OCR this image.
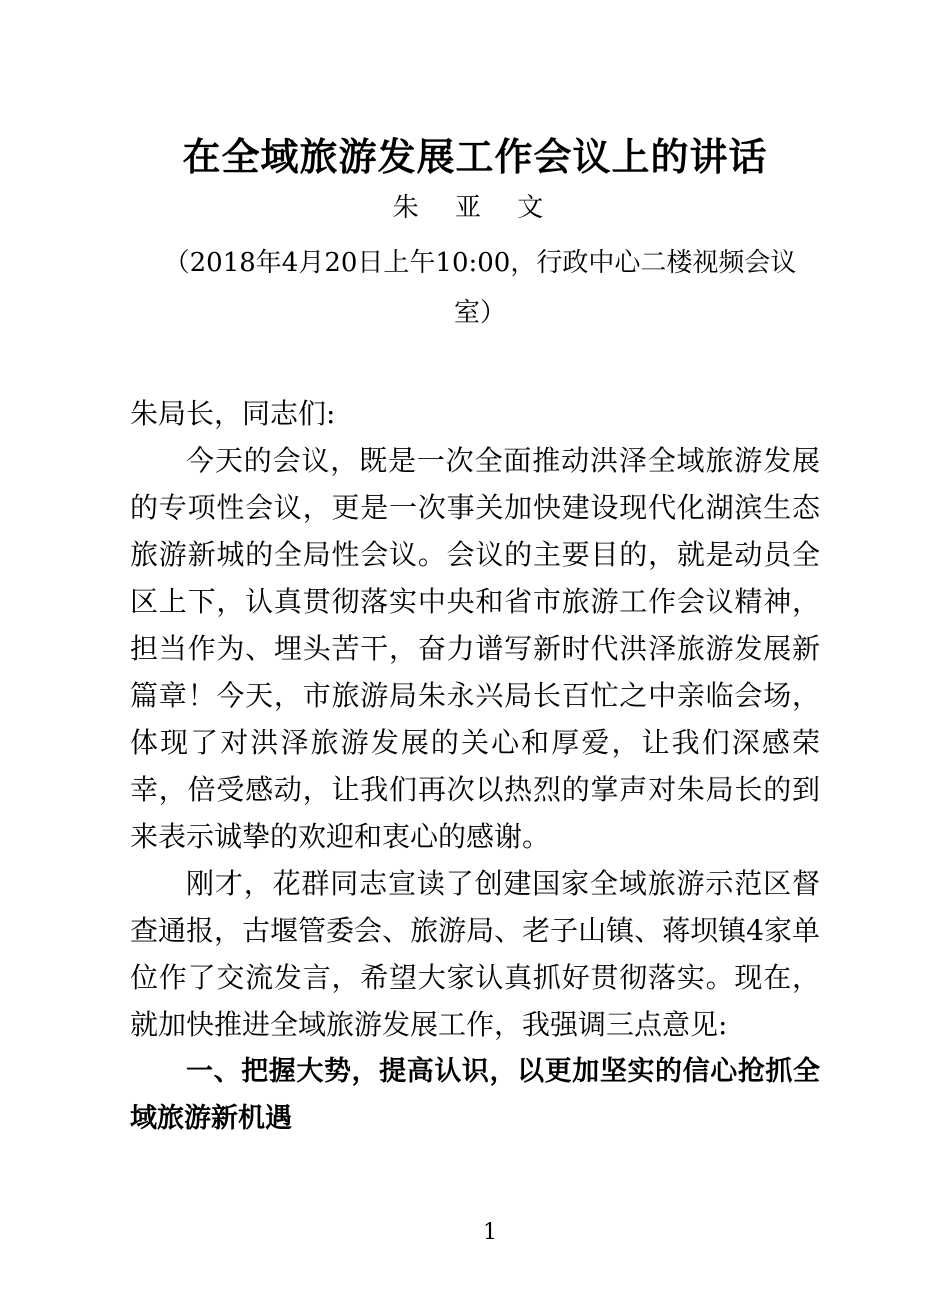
在全域旅游发展工作会议上的讲话
朱 亚 文
（2018年4月20日上午10:00，行政中心二楼视频会议室）

朱局长，同志们:

今天的会议，既是一次全面推动洪泽全域旅游发展的专项性会议，更是一次事关加快建设现代化湖滨生态旅游新城的全局性会议。会议的主要目的，就是动员全区上下，认真贯彻落实中央和省市旅游工作会议精神，担当作为、埋头苦干，奋力谱写新时代洪泽旅游发展新篇章！今天，市旅游局朱永兴局长百忙之中亲临会场，体现了对洪泽旅游发展的关心和厚爱，让我们深感荣幸，倍受感动，让我们再次以热烈的掌声对朱局长的到来表示诚挚的欢迎和衷心的感谢。

刚才，花群同志宣读了创建国家全域旅游示范区督查通报，古堰管委会、旅游局、老子山镇、蒋坝镇4家单位作了交流发言，希望大家认真抓好贯彻落实。现在，就加快推进全域旅游发展工作，我强调三点意见:

一、把握大势，提高认识，以更加坚实的信心抢抓全域旅游新机遇

1
